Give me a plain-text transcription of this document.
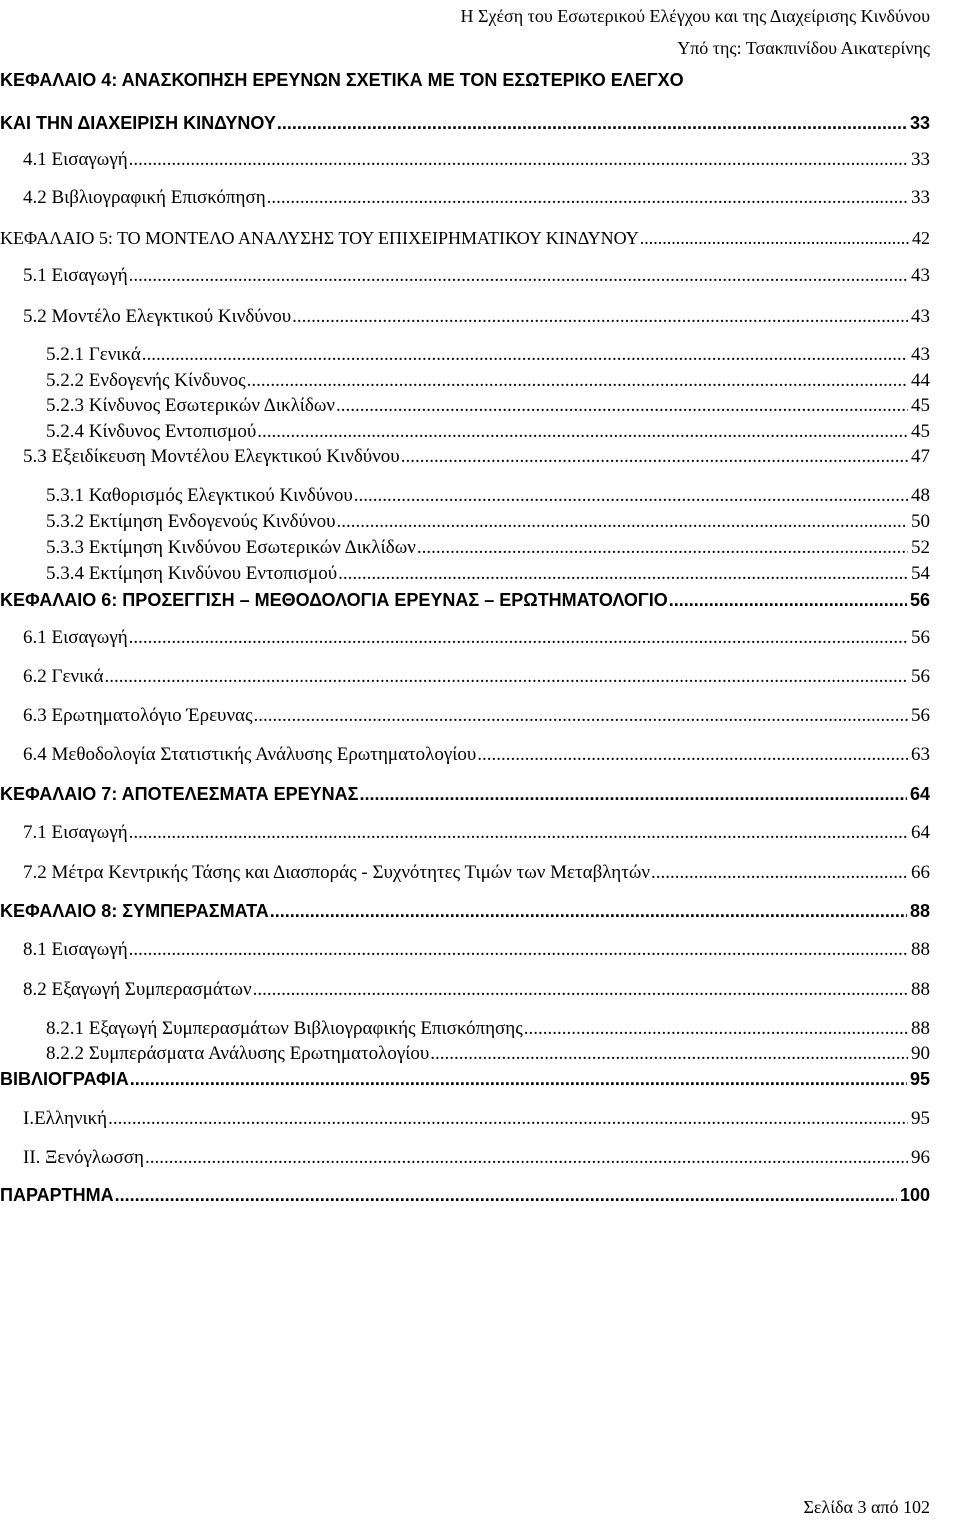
Η Σχέση του Εσωτερικού Ελέγχου και της Διαχείρισης Κινδύνου
Υπό της: Τσακπινίδου Αικατερίνης
ΚΕΦΑΛΑΙΟ 4: ΑΝΑΣΚΟΠΗΣΗ ΕΡΕΥΝΩΝ ΣΧΕΤΙΚΑ ΜΕ ΤΟΝ ΕΣΩΤΕΡΙΚΟ ΕΛΕΓΧΟ
ΚΑΙ ΤΗΝ ΔΙΑΧΕΙΡΙΣΗ ΚΙΝΔΥΝΟΥ .....	33
4.1 Εισαγωγή .....	33
4.2 Βιβλιογραφική Επισκόπηση .....	33
ΚΕΦΑΛΑΙΟ 5: ΤΟ ΜΟΝΤΕΛΟ ΑΝΑΛΥΣΗΣ ΤΟΥ ΕΠΙΧΕΙΡΗΜΑΤΙΚΟΥ ΚΙΝΔΥΝΟΥ .....	42
5.1 Εισαγωγή .....	43
5.2 Μοντέλο Ελεγκτικού Κινδύνου .....	43
5.2.1 Γενικά .....	43
5.2.2 Ενδογενής Κίνδυνος .....	44
5.2.3 Κίνδυνος Εσωτερικών Δικλίδων .....	45
5.2.4 Κίνδυνος Εντοπισμού .....	45
5.3 Εξειδίκευση Μοντέλου Ελεγκτικού Κινδύνου .....	47
5.3.1 Καθορισμός Ελεγκτικού Κινδύνου .....	48
5.3.2 Εκτίμηση Ενδογενούς Κινδύνου .....	50
5.3.3 Εκτίμηση Κινδύνου Εσωτερικών Δικλίδων .....	52
5.3.4 Εκτίμηση Κινδύνου Εντοπισμού .....	54
ΚΕΦΑΛΑΙΟ 6: ΠΡΟΣΕΓΓΙΣΗ – ΜΕΘΟΔΟΛΟΓΙΑ ΕΡΕΥΝΑΣ – ΕΡΩΤΗΜΑΤΟΛΟΓΙΟ .....	56
6.1 Εισαγωγή .....	56
6.2 Γενικά .....	56
6.3 Ερωτηματολόγιο Έρευνας .....	56
6.4 Μεθοδολογία Στατιστικής Ανάλυσης Ερωτηματολογίου .....	63
ΚΕΦΑΛΑΙΟ 7: ΑΠΟΤΕΛΕΣΜΑΤΑ ΕΡΕΥΝΑΣ .....	64
7.1 Εισαγωγή .....	64
7.2 Μέτρα Κεντρικής Τάσης και Διασποράς - Συχνότητες Τιμών των Μεταβλητών .....	66
ΚΕΦΑΛΑΙΟ 8: ΣΥΜΠΕΡΑΣΜΑΤΑ .....	88
8.1 Εισαγωγή .....	88
8.2 Εξαγωγή Συμπερασμάτων .....	88
8.2.1 Εξαγωγή Συμπερασμάτων Βιβλιογραφικής Επισκόπησης .....	88
8.2.2 Συμπεράσματα Ανάλυσης Ερωτηματολογίου .....	90
ΒΙΒΛΙΟΓΡΑΦΙΑ .....	95
Ι.Ελληνική .....	95
ΙΙ. Ξενόγλωσση .....	96
ΠΑΡΑΡΤΗΜΑ .....	100
Σελίδα 3 από 102
